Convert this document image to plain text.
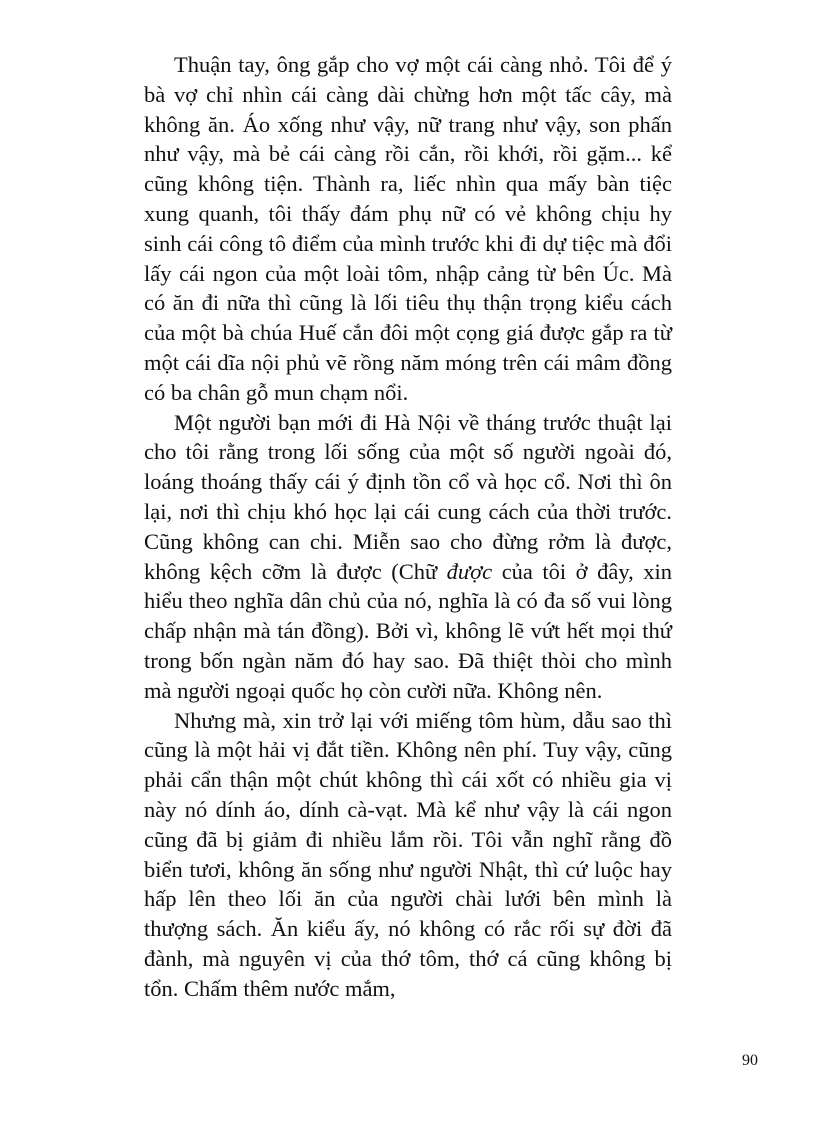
Thuận tay, ông gắp cho vợ một cái càng nhỏ. Tôi để ý bà vợ chỉ nhìn cái càng dài chừng hơn một tấc cây, mà không ăn. Áo xống như vậy, nữ trang như vậy, son phấn như vậy, mà bẻ cái càng rồi cắn, rồi khới, rồi gặm... kể cũng không tiện. Thành ra, liếc nhìn qua mấy bàn tiệc xung quanh, tôi thấy đám phụ nữ có vẻ không chịu hy sinh cái công tô điểm của mình trước khi đi dự tiệc mà đổi lấy cái ngon của một loài tôm, nhập cảng từ bên Úc. Mà có ăn đi nữa thì cũng là lối tiêu thụ thận trọng kiểu cách của một bà chúa Huế cắn đôi một cọng giá được gắp ra từ một cái dĩa nội phủ vẽ rồng năm móng trên cái mâm đồng có ba chân gỗ mun chạm nổi.

Một người bạn mới đi Hà Nội về tháng trước thuật lại cho tôi rằng trong lối sống của một số người ngoài đó, loáng thoáng thấy cái ý định tồn cổ và học cổ. Nơi thì ôn lại, nơi thì chịu khó học lại cái cung cách của thời trước. Cũng không can chi. Miễn sao cho đừng rởm là được, không kệch cỡm là được (Chữ được của tôi ở đây, xin hiểu theo nghĩa dân chủ của nó, nghĩa là có đa số vui lòng chấp nhận mà tán đồng). Bởi vì, không lẽ vứt hết mọi thứ trong bốn ngàn năm đó hay sao. Đã thiệt thòi cho mình mà người ngoại quốc họ còn cười nữa. Không nên.

Nhưng mà, xin trở lại với miếng tôm hùm, dẫu sao thì cũng là một hải vị đắt tiền. Không nên phí. Tuy vậy, cũng phải cẩn thận một chút không thì cái xốt có nhiều gia vị này nó dính áo, dính cà-vạt. Mà kể như vậy là cái ngon cũng đã bị giảm đi nhiều lắm rồi. Tôi vẫn nghĩ rằng đồ biển tươi, không ăn sống như người Nhật, thì cứ luộc hay hấp lên theo lối ăn của người chài lưới bên mình là thượng sách. Ăn kiểu ấy, nó không có rắc rối sự đời đã đành, mà nguyên vị của thớ tôm, thớ cá cũng không bị tổn. Chấm thêm nước mắm,

90
